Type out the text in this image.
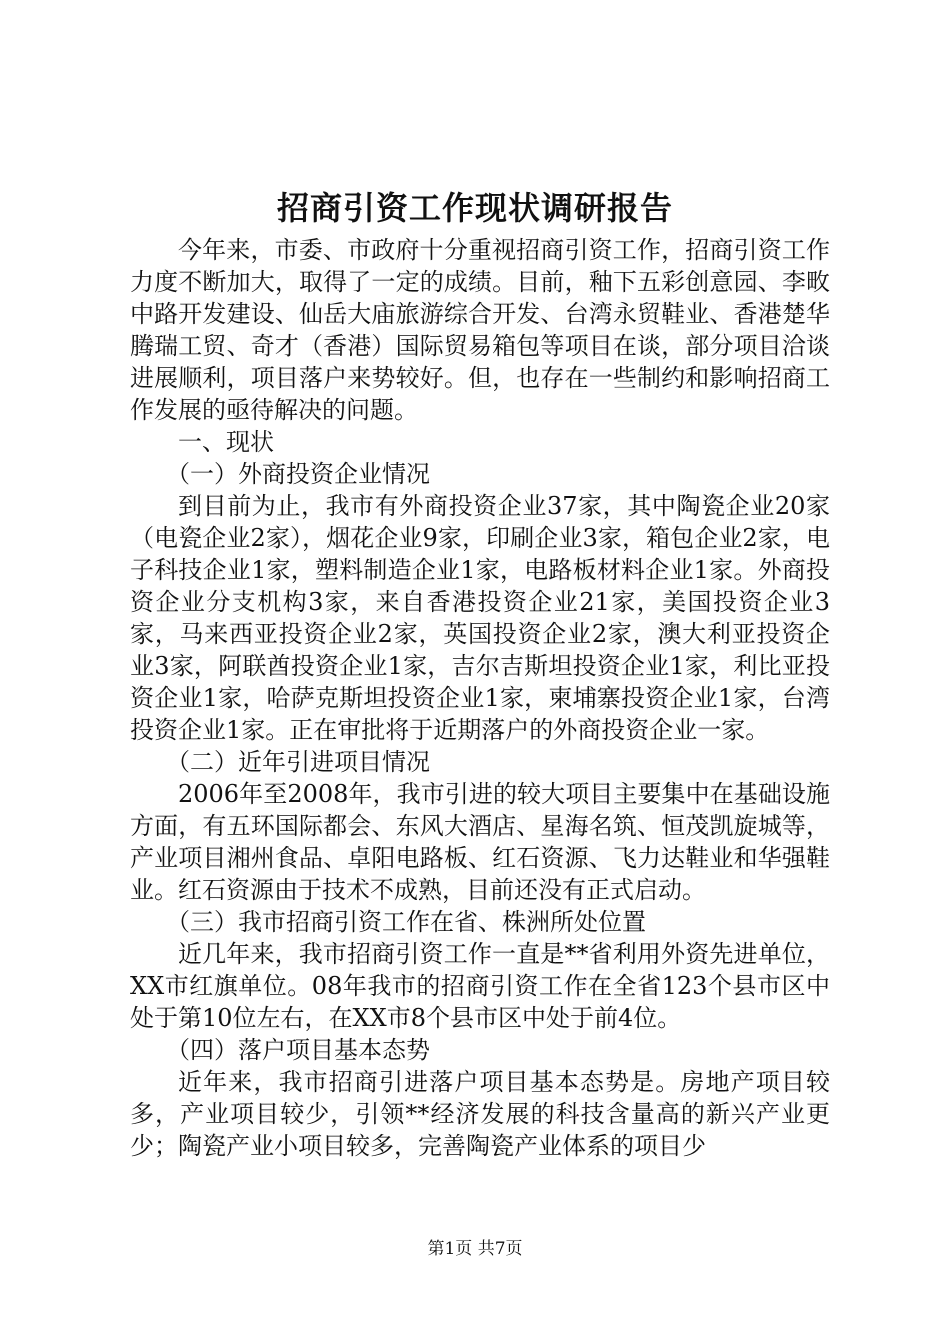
招商引资工作现状调研报告

今年来，市委、市政府十分重视招商引资工作，招商引资工作力度不断加大，取得了一定的成绩。目前，釉下五彩创意园、李畋中路开发建设、仙岳大庙旅游综合开发、台湾永贸鞋业、香港楚华腾瑞工贸、奇才（香港）国际贸易箱包等项目在谈，部分项目洽谈进展顺利，项目落户来势较好。但，也存在一些制约和影响招商工作发展的亟待解决的问题。

一、现状

（一）外商投资企业情况

到目前为止，我市有外商投资企业37家，其中陶瓷企业20家（电瓷企业2家），烟花企业9家，印刷企业3家，箱包企业2家，电子科技企业1家，塑料制造企业1家，电路板材料企业1家。外商投资企业分支机构3家，来自香港投资企业21家，美国投资企业3家，马来西亚投资企业2家，英国投资企业2家，澳大利亚投资企业3家，阿联酋投资企业1家，吉尔吉斯坦投资企业1家，利比亚投资企业1家，哈萨克斯坦投资企业1家，柬埔寨投资企业1家，台湾投资企业1家。正在审批将于近期落户的外商投资企业一家。

（二）近年引进项目情况

2006年至2008年，我市引进的较大项目主要集中在基础设施方面，有五环国际都会、东风大酒店、星海名筑、恒茂凯旋城等，产业项目湘州食品、卓阳电路板、红石资源、飞力达鞋业和华强鞋业。红石资源由于技术不成熟，目前还没有正式启动。

（三）我市招商引资工作在省、株洲所处位置

近几年来，我市招商引资工作一直是**省利用外资先进单位，XX市红旗单位。08年我市的招商引资工作在全省123个县市区中处于第10位左右，在XX市8个县市区中处于前4位。

（四）落户项目基本态势

近年来，我市招商引进落户项目基本态势是。房地产项目较多，产业项目较少，引领**经济发展的科技含量高的新兴产业更少；陶瓷产业小项目较多，完善陶瓷产业体系的项目少

第1页 共7页
